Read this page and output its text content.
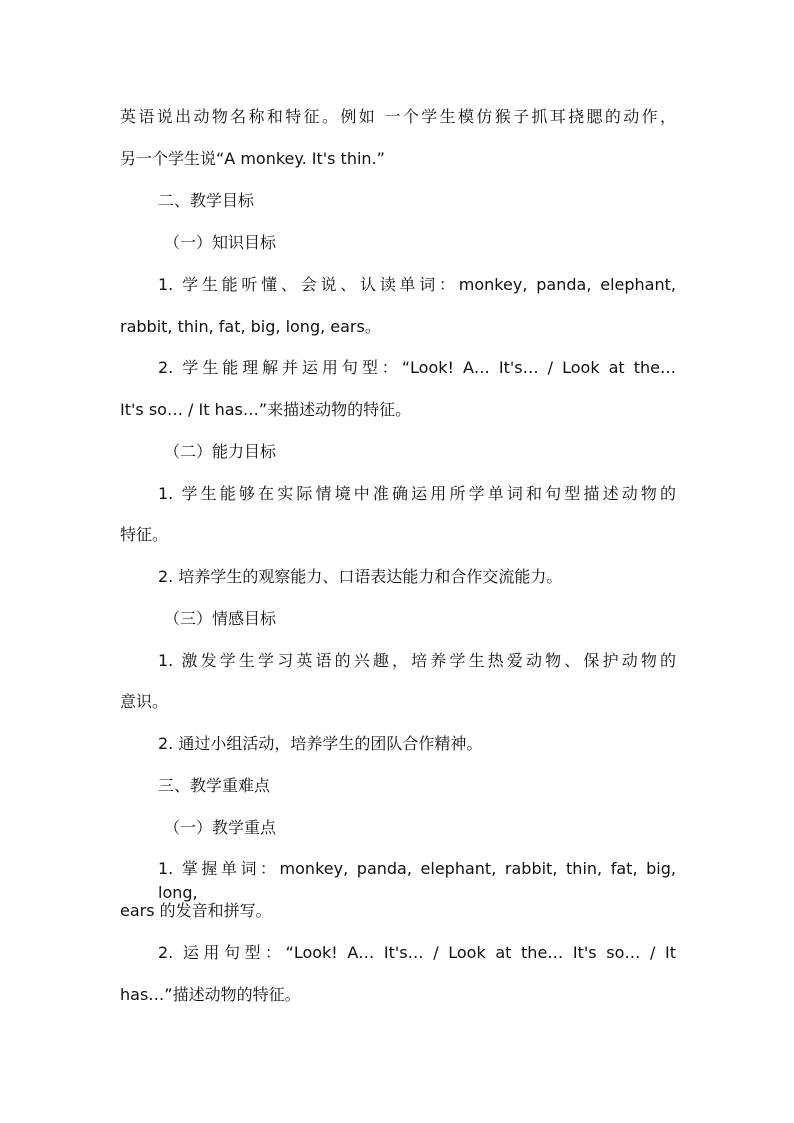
英语说出动物名称和特征。例如 一个学生模仿猴子抓耳挠腮的动作，
另一个学生说“A monkey. It's thin.”
二、教学目标
（一）知识目标
1. 学生能听懂、会说、认读单词：monkey, panda, elephant,
rabbit, thin, fat, big, long, ears。
2. 学生能理解并运用句型：“Look! A… It's… / Look at the…
It's so… / It has…”来描述动物的特征。
（二）能力目标
1. 学生能够在实际情境中准确运用所学单词和句型描述动物的
特征。
2. 培养学生的观察能力、口语表达能力和合作交流能力。
（三）情感目标
1. 激发学生学习英语的兴趣，培养学生热爱动物、保护动物的
意识。
2. 通过小组活动，培养学生的团队合作精神。
三、教学重难点
（一）教学重点
1. 掌握单词：monkey, panda, elephant, rabbit, thin, fat, big, long,
ears 的发音和拼写。
2. 运用句型：“Look! A… It's… / Look at the… It's so… / It
has…”描述动物的特征。
